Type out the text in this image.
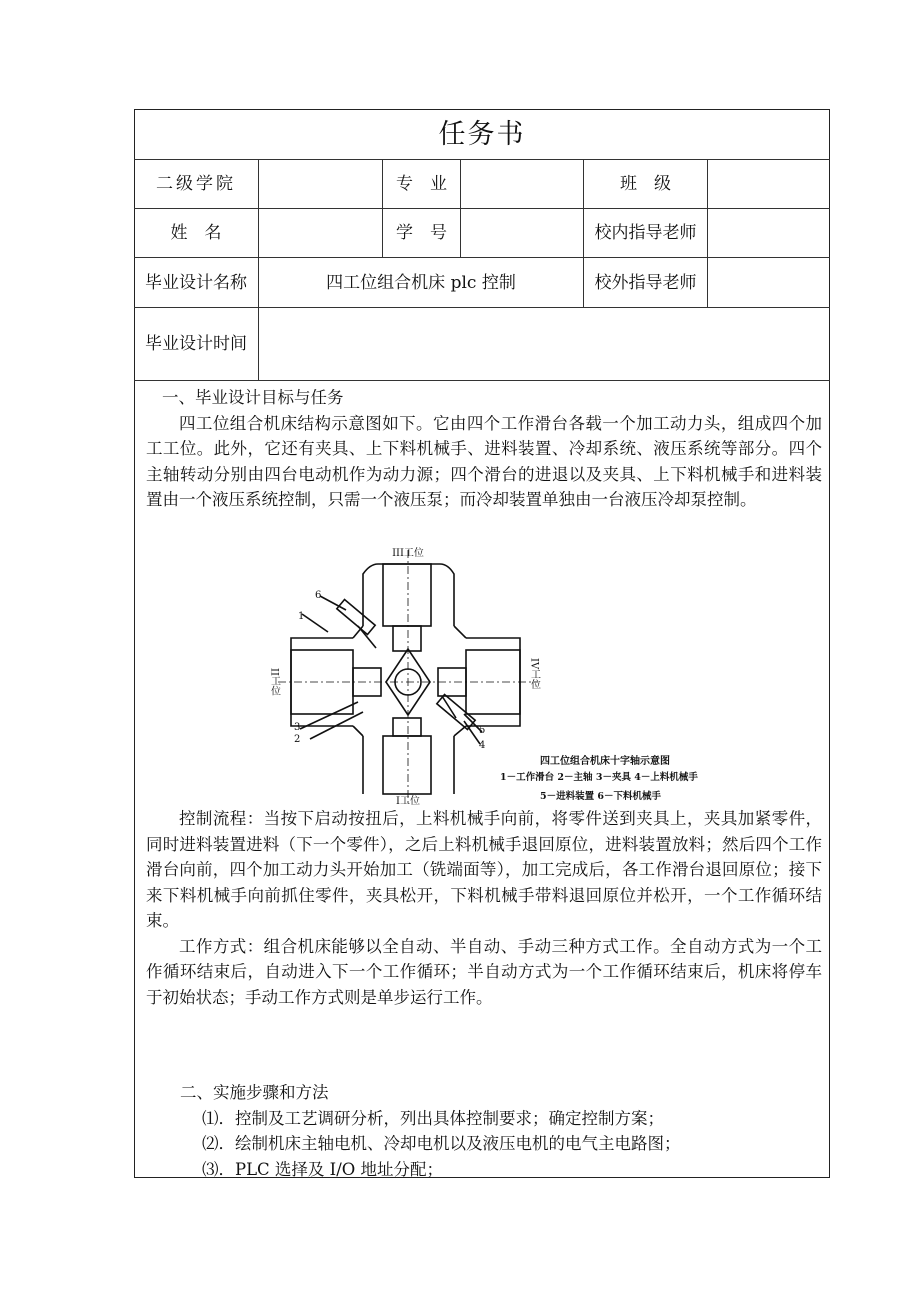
任务书
二级学院	专　业	班　级
姓　名	学　号	校内指导老师
毕业设计名称	四工位组合机床 plc 控制	校外指导老师
毕业设计时间

一、毕业设计目标与任务

四工位组合机床结构示意图如下。它由四个工作滑台各载一个加工动力头，组成四个加工工位。此外，它还有夹具、上下料机械手、进料装置、冷却系统、液压系统等部分。四个主轴转动分别由四台电动机作为动力源；四个滑台的进退以及夹具、上下料机械手和进料装置由一个液压系统控制，只需一个液压泵；而冷却装置单独由一台液压冷却泵控制。

III工位
II工位	IV工位
I工位
1
2
3
4
5
6
四工位组合机床十字轴示意图
1－工作滑台 2－主轴 3－夹具 4－上料机械手
5－进料装置 6－下料机械手

控制流程：当按下启动按扭后，上料机械手向前，将零件送到夹具上，夹具加紧零件，同时进料装置进料（下一个零件），之后上料机械手退回原位，进料装置放料；然后四个工作滑台向前，四个加工动力头开始加工（铣端面等），加工完成后，各工作滑台退回原位；接下来下料机械手向前抓住零件，夹具松开，下料机械手带料退回原位并松开，一个工作循环结束。

工作方式：组合机床能够以全自动、半自动、手动三种方式工作。全自动方式为一个工作循环结束后，自动进入下一个工作循环；半自动方式为一个工作循环结束后，机床将停车于初始状态；手动工作方式则是单步运行工作。

二、实施步骤和方法

⑴．控制及工艺调研分析，列出具体控制要求；确定控制方案；

⑵．绘制机床主轴电机、冷却电机以及液压电机的电气主电路图；

⑶．PLC 选择及 I/O 地址分配；
